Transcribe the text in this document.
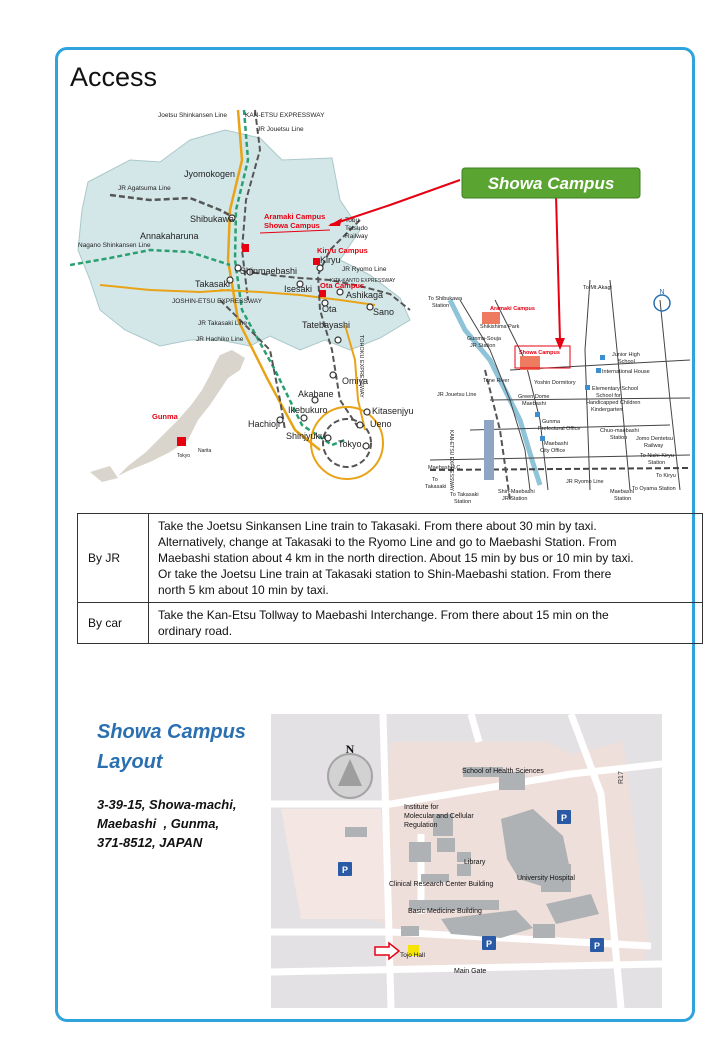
Access
Joetsu Shinkansen Line	KAN-ETSU EXPRESSWAY
JR Jouetsu Line
JR Agatsuma Line
Nagano Shinkansen Line
Tobu
Tetsudo
Railway
JR Ryomo Line
JOSHIN-ETSU EXPRESSWAY
JR Takasaki Line
JR Hachiko Line
KITA-KANTO EXPRESSWAY
TOHOKU EXPRESSWAY
Jyomokogen
Shibukawa
Annakaharuna
Shinmaebashi
Takasaki	Isesaki
Kiryu
Ashikaga
Ota	Sano
Tatebayashi
Omiya
Akabane
Ikebukuro	Kitasenjyu
Ueno
Hachioji
Shinjyuku
Tokyo
Aramaki Campus
Showa Campus
Kiryu Campus
Ota Campus
Gunma
Tokyo
Narita
Showa Campus
To Shibukawa
Station
Shikishima Park
To Mt.Akagi
Gunma-Souja
JR Station
Junior High
School
International House
Tone River	Yoshin Dormitory
Elementary School
School for
Handicapped Children
Kindergarten
JR Jouetsu Line	Green Dome
Maebashi
Gunma
Prefectural Office	Chuo-maebashi
Station Jomo Dentetsu
Railway
Maebashi
City Office
To Nishi-Kiryu
Station
Maebashi I.C.
To Kiryu
To
Takasaki
JR Ryomo Line
To Takasaki
Station
Shin-Maebashi
JR Station
Maebashi
Station
To Oyama Station
KAN-ETSU EXPRESSWAY
Aramaki Campus
Showa Campus
N
By JR	Take the Joetsu Sinkansen Line train to Takasaki. From there about 30 min by taxi.
Alternatively, change at Takasaki to the Ryomo Line and go to Maebashi Station. From
Maebashi station about 4 km in the north direction. About 15 min by bus or 10 min by taxi.
Or take the Joetsu Line train at Takasaki station to Shin-Maebashi station. From there
north 5 km about 10 min by taxi.

By car	Take the Kan-Etsu Tollway to Maebashi Interchange. From there about 15 min on the
ordinary road.
Showa Campus
Layout
3-39-15, Showa-machi,
Maebashi  , Gunma,
371-8512, JAPAN
N
P
P
P	P
School of Health Sciences
Institute for
Molecular and Cellular
Regulation
Library
Clinical Research Center Building
University Hospital
Basic Medicine Building
Main Gate
R17
Tojo Hall
